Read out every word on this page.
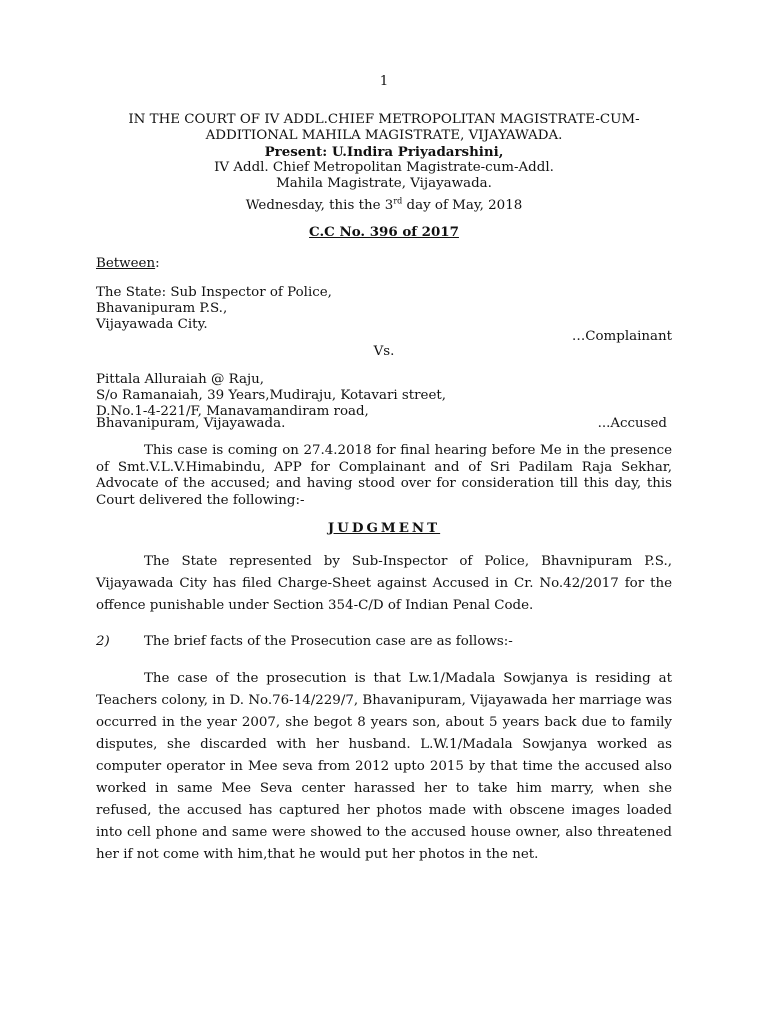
1

IN THE COURT OF IV ADDL.CHIEF METROPOLITAN MAGISTRATE-CUM-

ADDITIONAL MAHILA MAGISTRATE, VIJAYAWADA.

Present: U.Indira Priyadarshini,

IV Addl. Chief Metropolitan Magistrate-cum-Addl.

Mahila Magistrate, Vijayawada.

Wednesday, this the 3rd day of May, 2018

C.C No. 396 of 2017

Between:

The State: Sub Inspector of Police,

Bhavanipuram P.S.,

Vijayawada City.

…Complainant

Vs.

Pittala Alluraiah @ Raju,

S/o Ramanaiah, 39 Years,Mudiraju, Kotavari street,

D.No.1-4-221/F, Manavamandiram road,

Bhavanipuram, Vijayawada.	...Accused

This case is coming on 27.4.2018 for final hearing before Me in the presence of Smt.V.L.V.Himabindu, APP for Complainant and of Sri Padilam Raja Sekhar, Advocate of the accused; and having stood over for consideration till this day, this Court delivered the following:-

JUDGMENT

The State represented by Sub-Inspector of Police, Bhavnipuram P.S., Vijayawada City has filed Charge-Sheet against Accused in Cr. No.42/2017 for the offence punishable under Section 354-C/D of Indian Penal Code.

2)	The brief facts of the Prosecution case are as follows:-

The case of the prosecution is that Lw.1/Madala Sowjanya is residing at Teachers colony, in D. No.76-14/229/7, Bhavanipuram, Vijayawada her marriage was occurred in the year 2007, she begot 8 years son, about 5 years back due to family disputes, she discarded with her husband. L.W.1/Madala Sowjanya worked as computer operator in Mee seva from 2012 upto 2015 by that time the accused also worked in same Mee Seva center harassed her to take him marry, when she refused, the accused has captured her photos made with obscene images loaded into cell phone and same were showed to the accused house owner, also threatened her if not come with him,that he would put her photos in the net.
